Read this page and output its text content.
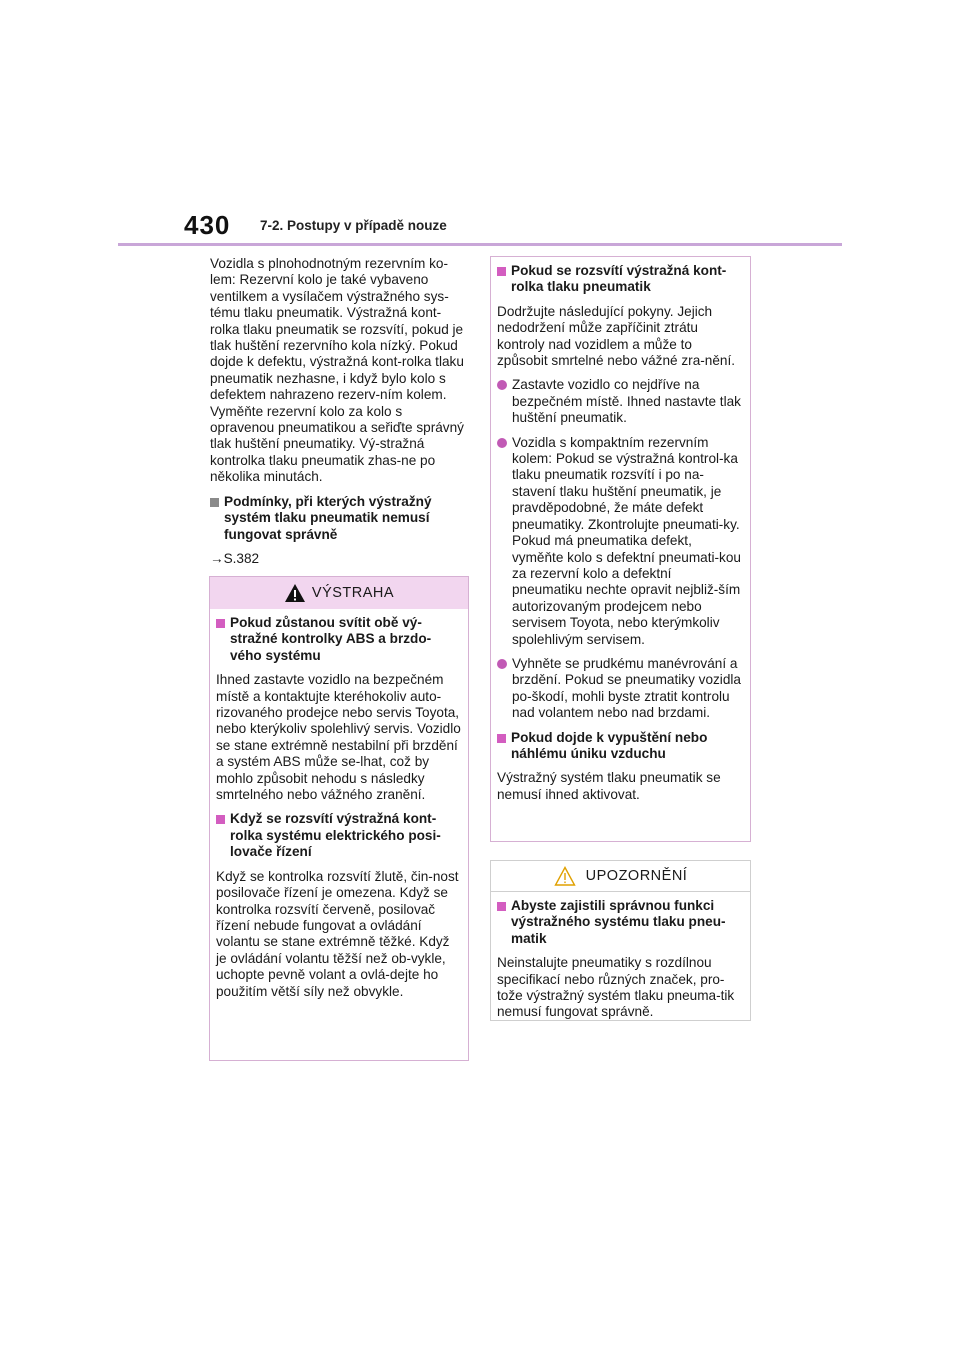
430 7-2. Postupy v případě nouze

Vozidla s plnohodnotným rezervním ko-lem: Rezervní kolo je také vybaveno ventilkem a vysílačem výstražného sys-tému tlaku pneumatik. Výstražná kont-rolka tlaku pneumatik se rozsvítí, pokud je tlak huštění rezervního kola nízký. Pokud dojde k defektu, výstražná kont-rolka tlaku pneumatik nezhasne, i když bylo kolo s defektem nahrazeno rezerv-ním kolem. Vyměňte rezervní kolo za kolo s opravenou pneumatikou a seřiďte správný tlak huštění pneumatiky. Vý-stražná kontrolka tlaku pneumatik zhas-ne po několika minutách.

Podmínky, při kterých výstražný systém tlaku pneumatik nemusí fungovat správně

→S.382

VÝSTRAHA
Pokud zůstanou svítit obě vý-stražné kontrolky ABS a brzdo-vého systému

Ihned zastavte vozidlo na bezpečném místě a kontaktujte kteréhokoliv auto-rizovaného prodejce nebo servis Toyota, nebo kterýkoliv spolehlivý servis. Vozidlo se stane extrémně nestabilní při brzdění a systém ABS může se-lhat, což by mohlo způsobit nehodu s následky smrtelného nebo vážného zranění.

Když se rozsvítí výstražná kont-rolka systému elektrického posi-lovače řízení

Když se kontrolka rozsvítí žlutě, čin-nost posilovače řízení je omezena. Když se kontrolka rozsvítí červeně, posilovač řízení nebude fungovat a ovládání volantu se stane extrémně těžké. Když je ovládání volantu těžší než ob-vykle, uchopte pevně volant a ovlá-dejte ho použitím větší síly než obvykle.

Pokud se rozsvítí výstražná kont-rolka tlaku pneumatik

Dodržujte následující pokyny. Jejich nedodržení může zapříčinit ztrátu kontroly nad vozidlem a může to způsobit smrtelné nebo vážné zra-nění.

Zastavte vozidlo co nejdříve na bezpečném místě. Ihned nastavte tlak huštění pneumatik.
Vozidla s kompaktním rezervním kolem: Pokud se výstražná kontrol-ka tlaku pneumatik rozsvítí i po na-stavení tlaku huštění pneumatik, je pravděpodobné, že máte defekt pneumatiky. Zkontrolujte pneumati-ky. Pokud má pneumatika defekt, vyměňte kolo s defektní pneumati-kou za rezervní kolo a defektní pneumatiku nechte opravit nejbliž-ším autorizovaným prodejcem nebo servisem Toyota, nebo kterýmkoliv spolehlivým servisem.
Vyhněte se prudkému manévrování a brzdění. Pokud se pneumatiky vozidla po-škodí, mohli byste ztratit kontrolu nad volantem nebo nad brzdami.
Pokud dojde k vypuštění nebo náhlému úniku vzduchu

Výstražný systém tlaku pneumatik se nemusí ihned aktivovat.

UPOZORNĚNÍ
Abyste zajistili správnou funkci výstražného systému tlaku pneu-matik

Neinstalujte pneumatiky s rozdílnou specifikací nebo různých značek, pro-tože výstražný systém tlaku pneuma-tik nemusí fungovat správně.
